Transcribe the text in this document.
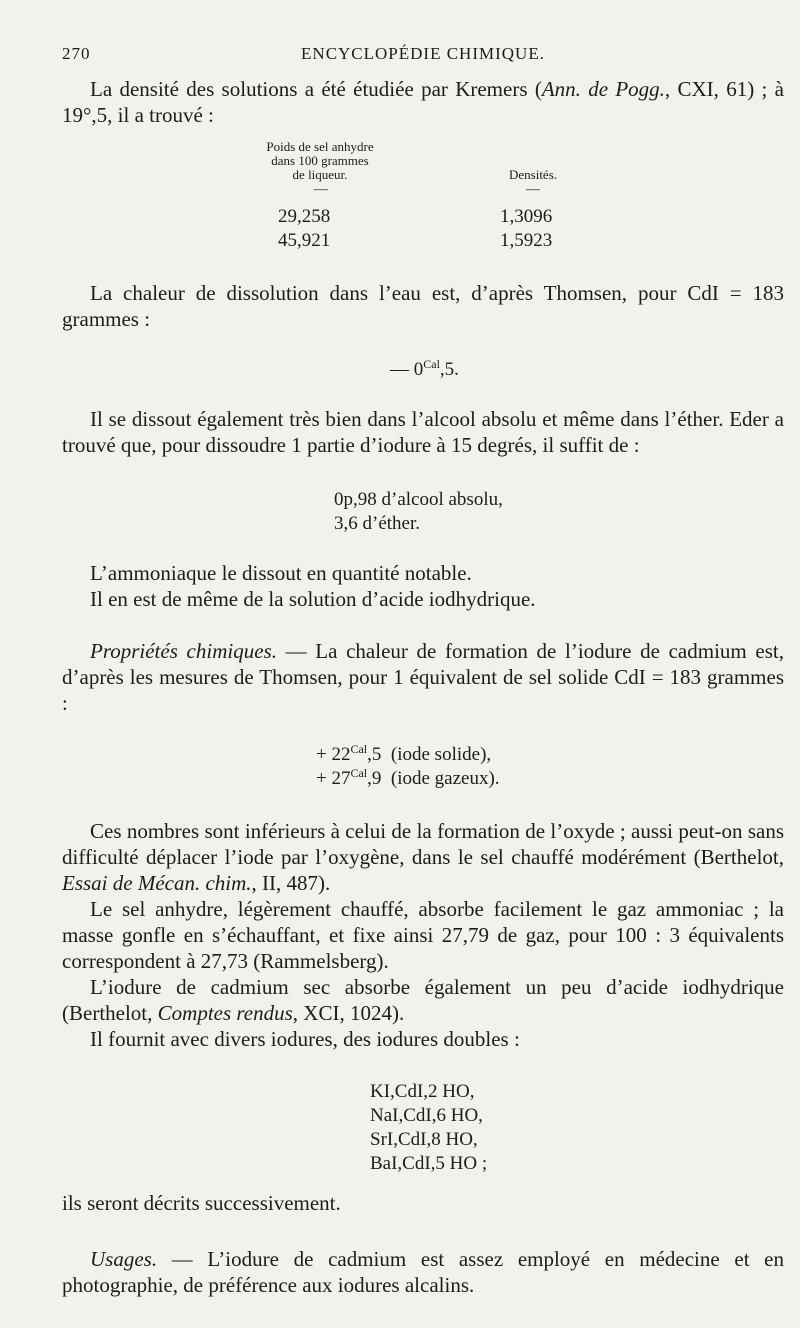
270	ENCYCLOPÉDIE CHIMIQUE.

La densité des solutions a été étudiée par Kremers (Ann. de Pogg., CXI, 61) ; à 19°,5, il a trouvé :

Poids de sel anhydre
dans 100 grammes
de liqueur.	Densités.
—	—
29,258	1,3096
45,921	1,5923

La chaleur de dissolution dans l’eau est, d’après Thomsen, pour CdI = 183 grammes :

— $0^{Cal},5$.

Il se dissout également très bien dans l’alcool absolu et même dans l’éther. Eder a trouvé que, pour dissoudre 1 partie d’iodure à 15 degrés, il suffit de :

0p,98 d’alcool absolu,
3,6 d’éther.

L’ammoniaque le dissout en quantité notable.

Il en est de même de la solution d’acide iodhydrique.

Propriétés chimiques. — La chaleur de formation de l’iodure de cadmium est, d’après les mesures de Thomsen, pour 1 équivalent de sel solide CdI = 183 grammes :

+ $22^{Cal},5$  (iode solide),
+ $27^{Cal},9$  (iode gazeux).

Ces nombres sont inférieurs à celui de la formation de l’oxyde ; aussi peut-on sans difficulté déplacer l’iode par l’oxygène, dans le sel chauffé modérément (Berthelot, Essai de Mécan. chim., II, 487).

Le sel anhydre, légèrement chauffé, absorbe facilement le gaz ammoniac ; la masse gonfle en s’échauffant, et fixe ainsi 27,79 de gaz, pour 100 : 3 équivalents correspondent à 27,73 (Rammelsberg).

L’iodure de cadmium sec absorbe également un peu d’acide iodhydrique (Berthelot, Comptes rendus, XCI, 1024).

Il fournit avec divers iodures, des iodures doubles :

KI,CdI,2 HO,
NaI,CdI,6 HO,
SrI,CdI,8 HO,
BaI,CdI,5 HO ;

ils seront décrits successivement.

Usages. — L’iodure de cadmium est assez employé en médecine et en photographie, de préférence aux iodures alcalins.
